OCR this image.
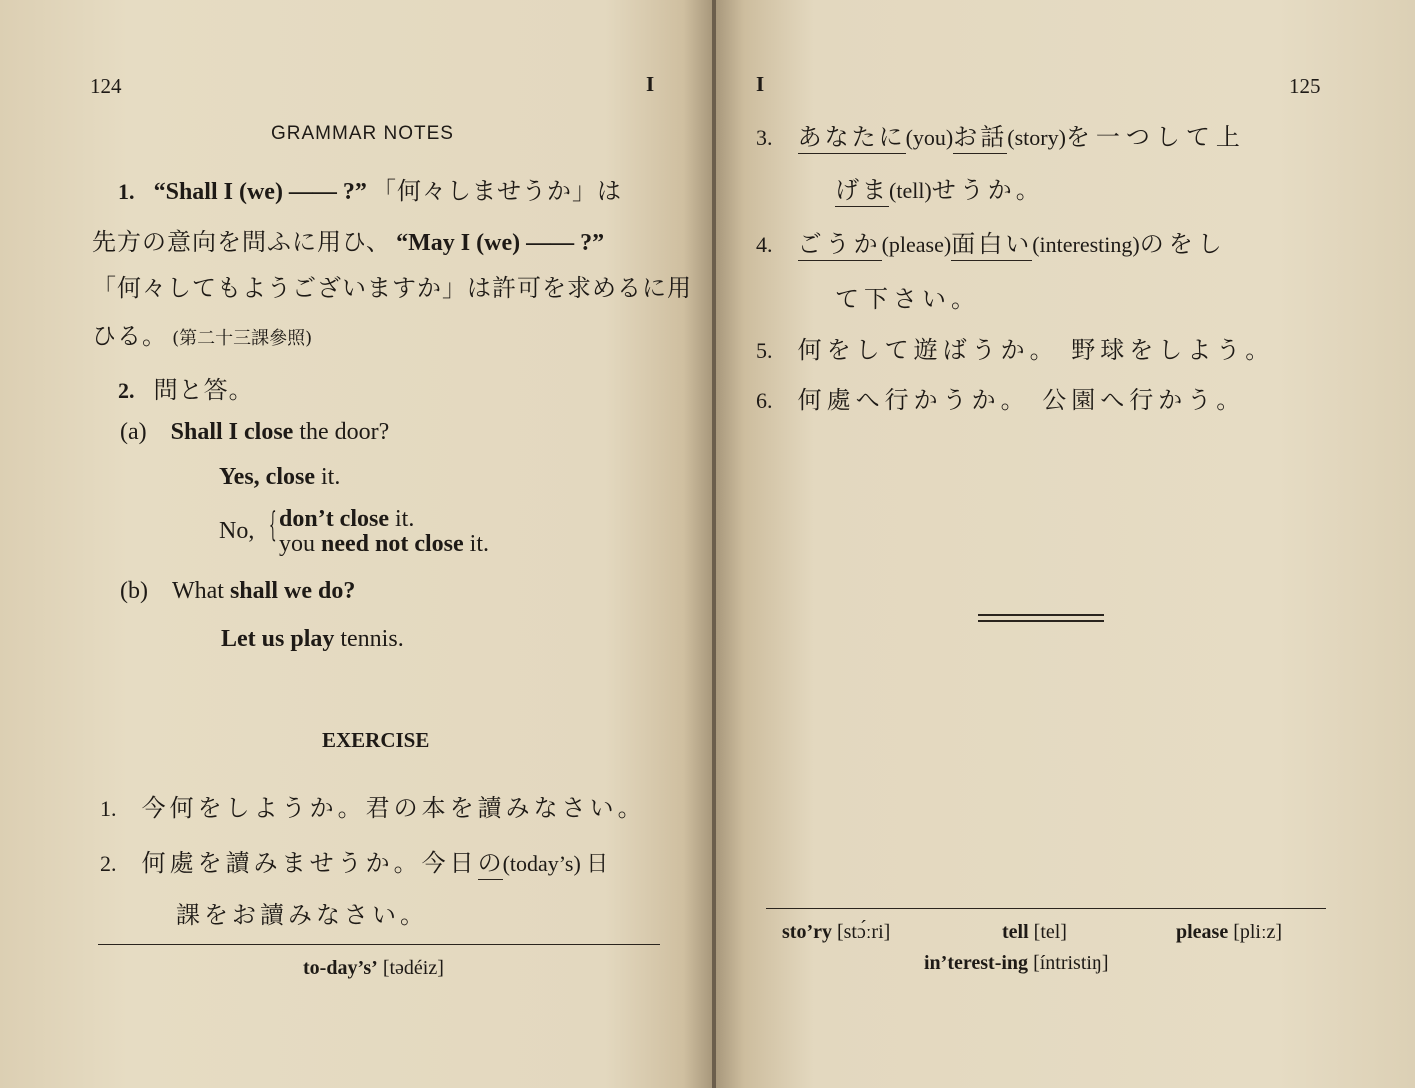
124	I
GRAMMAR NOTES
1. “Shall I (we) —— ?” 「何々しませうか」は
先方の意向を問ふに用ひ、 “May I (we) —— ?”
「何々してもようございますか」は許可を求めるに用
ひる。 (第二十三課參照)
2. 問と答。
(a) Shall I close the door?
Yes, close it.
No, { don’t close it.
you need not close it.
(b) What shall we do?
Let us play tennis.
EXERCISE
1. 今何をしようか。君の本を讀みなさい。
2. 何處を讀みませうか。今日の(today’s) 日
課をお讀みなさい。
to-day’s’ [tədéiz]
I	125
3. あなたに(you)お話(story)を一つして上
げま(tell)せうか。
4. ごうか(please)面白い(interesting)のをし
て下さい。
5. 何をして遊ばうか。 野球をしよう。
6. 何處へ行かうか。 公園へ行かう。
sto’ry [stɔ́ːri]	tell [tel]	please [pliːz]
in’terest-ing [íntristiŋ]
